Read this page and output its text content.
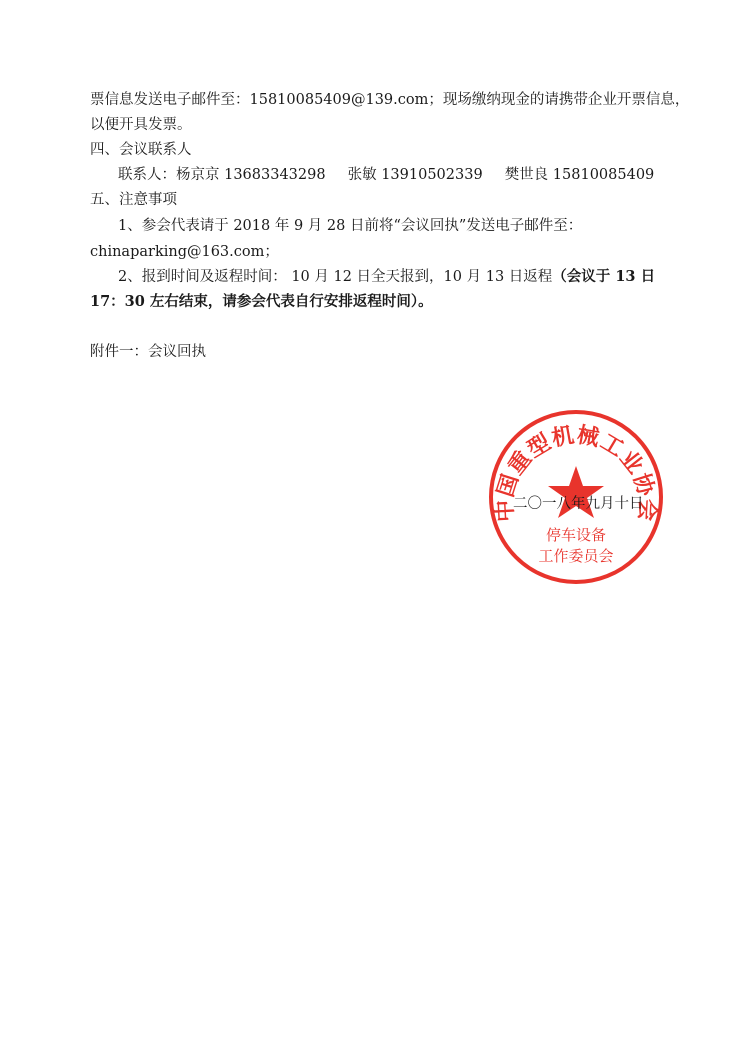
票信息发送电子邮件至：15810085409@139.com；现场缴纳现金的请携带企业开票信息，
以便开具发票。
四、会议联系人
联系人：杨京京 13683343298 张敏 13910502339 樊世良 15810085409
五、注意事项
1、参会代表请于 2018 年 9 月 28 日前将“会议回执”发送电子邮件至：
chinaparking@163.com；
2、报到时间及返程时间： 10 月 12 日全天报到，10 月 13 日返程（会议于 13 日
17：30 左右结束，请参会代表自行安排返程时间）。
附件一：会议回执
中国重型机械工业协会
停车设备
工作委员会
二〇一八年九月十日
